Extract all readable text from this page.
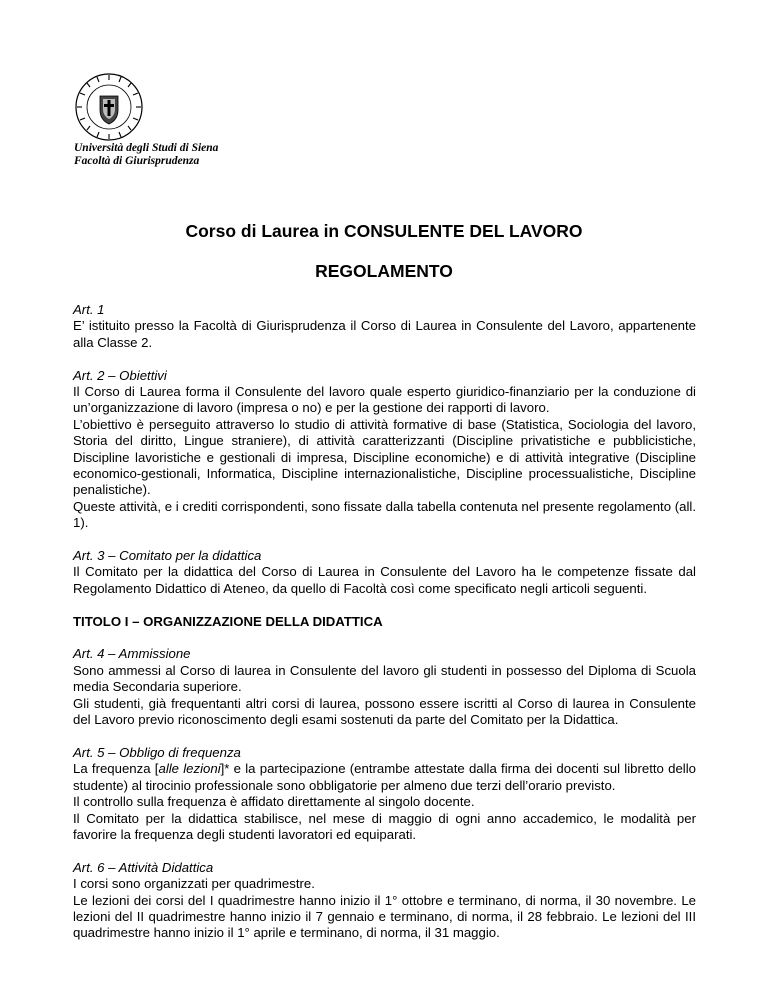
Università degli Studi di Siena
Facoltà di Giurisprudenza
Corso di Laurea in CONSULENTE DEL LAVORO
REGOLAMENTO
Art. 1

E’ istituito presso la Facoltà di Giurisprudenza il Corso di Laurea in Consulente del Lavoro, appartenente alla Classe 2.

Art. 2 – Obiettivi

Il Corso di Laurea forma il Consulente del lavoro quale esperto giuridico-finanziario per la conduzione di un’organizzazione di lavoro (impresa o no) e per la gestione dei rapporti di lavoro.

L’obiettivo è perseguito attraverso lo studio di attività formative di base (Statistica, Sociologia del lavoro, Storia del diritto, Lingue straniere), di attività caratterizzanti (Discipline privatistiche e pubblicistiche, Discipline lavoristiche e gestionali di impresa, Discipline economiche) e di attività integrative (Discipline economico-gestionali, Informatica, Discipline internazionalistiche, Discipline processualistiche, Discipline penalistiche).

Queste attività, e i crediti corrispondenti, sono fissate dalla tabella contenuta nel presente regolamento (all. 1).

Art. 3 – Comitato per la didattica

Il Comitato per la didattica del Corso di Laurea in Consulente del Lavoro ha le competenze fissate dal Regolamento Didattico di Ateneo, da quello di Facoltà così come specificato negli articoli seguenti.

TITOLO I – ORGANIZZAZIONE DELLA DIDATTICA
Art. 4 – Ammissione

Sono ammessi al Corso di laurea in Consulente del lavoro gli studenti in possesso del Diploma di Scuola media Secondaria superiore.

Gli studenti, già frequentanti altri corsi di laurea, possono essere iscritti al Corso di laurea in Consulente del Lavoro previo riconoscimento degli esami sostenuti da parte del Comitato per la Didattica.

Art. 5 – Obbligo di frequenza

La frequenza [alle lezioni]* e la partecipazione (entrambe attestate dalla firma dei docenti sul libretto dello studente) al tirocinio professionale sono obbligatorie per almeno due terzi dell’orario previsto.

Il controllo sulla frequenza è affidato direttamente al singolo docente.

Il Comitato per la didattica stabilisce, nel mese di maggio di ogni anno accademico, le modalità per favorire la frequenza degli studenti lavoratori ed equiparati.

Art. 6 – Attività Didattica

I corsi sono organizzati per quadrimestre.

Le lezioni dei corsi del I quadrimestre hanno inizio il 1° ottobre e terminano, di norma, il 30 novembre. Le lezioni del II quadrimestre hanno inizio il 7 gennaio e terminano, di norma, il 28 febbraio. Le lezioni del III quadrimestre hanno inizio il 1° aprile e terminano, di norma, il 31 maggio.
